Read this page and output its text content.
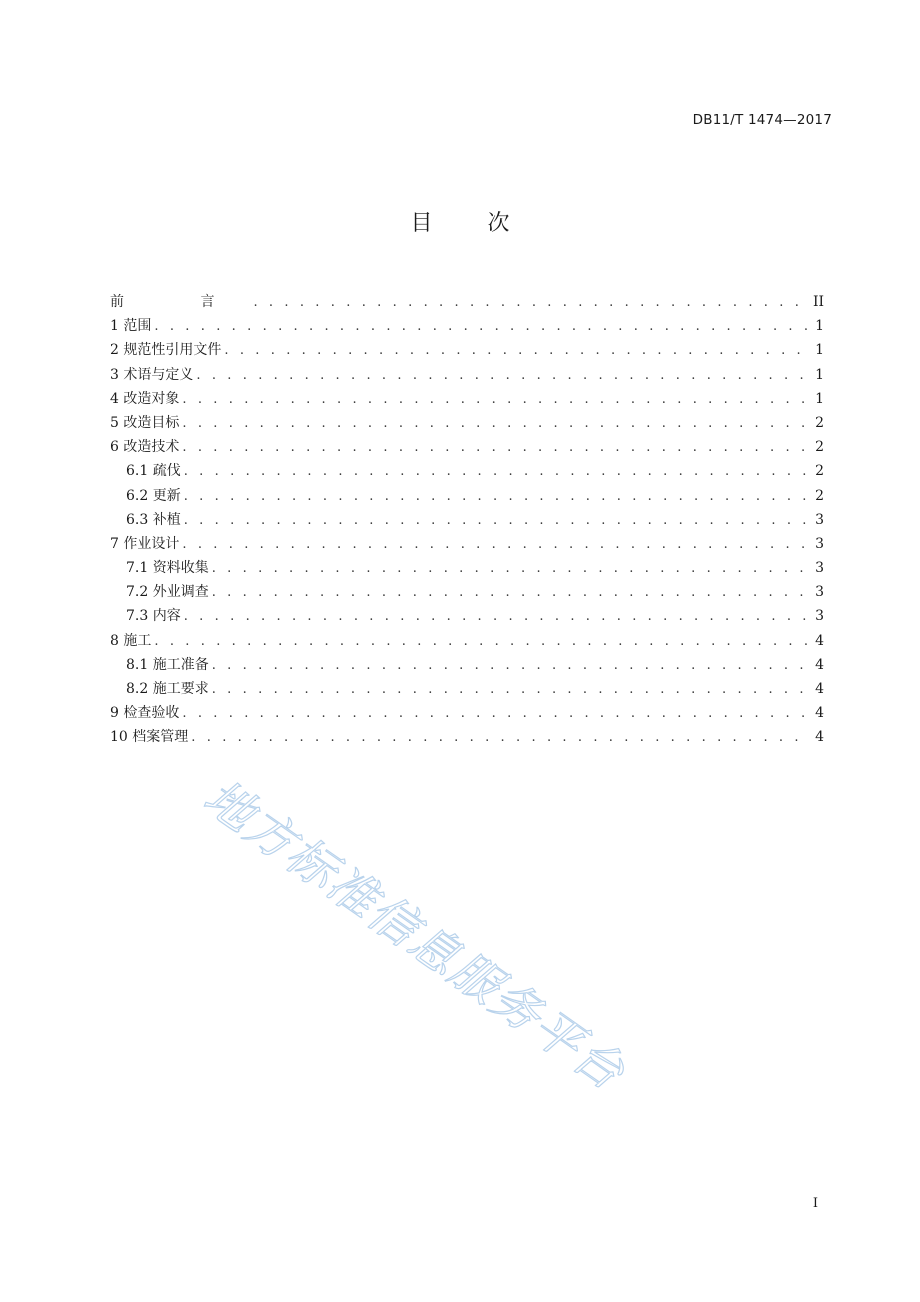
DB11/T 1474—2017
目 次
前 言 . . .	II
1 范围 . . .	1
2 规范性引用文件 . . .	1
3 术语与定义 . . .	1
4 改造对象 . . .	1
5 改造目标 . . .	2
6 改造技术 . . .	2
6.1 疏伐 . . .	2
6.2 更新 . . .	2
6.3 补植 . . .	3
7 作业设计 . . .	3
7.1 资料收集 . . .	3
7.2 外业调查 . . .	3
7.3 内容 . . .	3
8 施工 . . .	4
8.1 施工准备 . . .	4
8.2 施工要求 . . .	4
9 检查验收 . . .	4
10 档案管理 . . .	4
地方标准信息服务平台
I
